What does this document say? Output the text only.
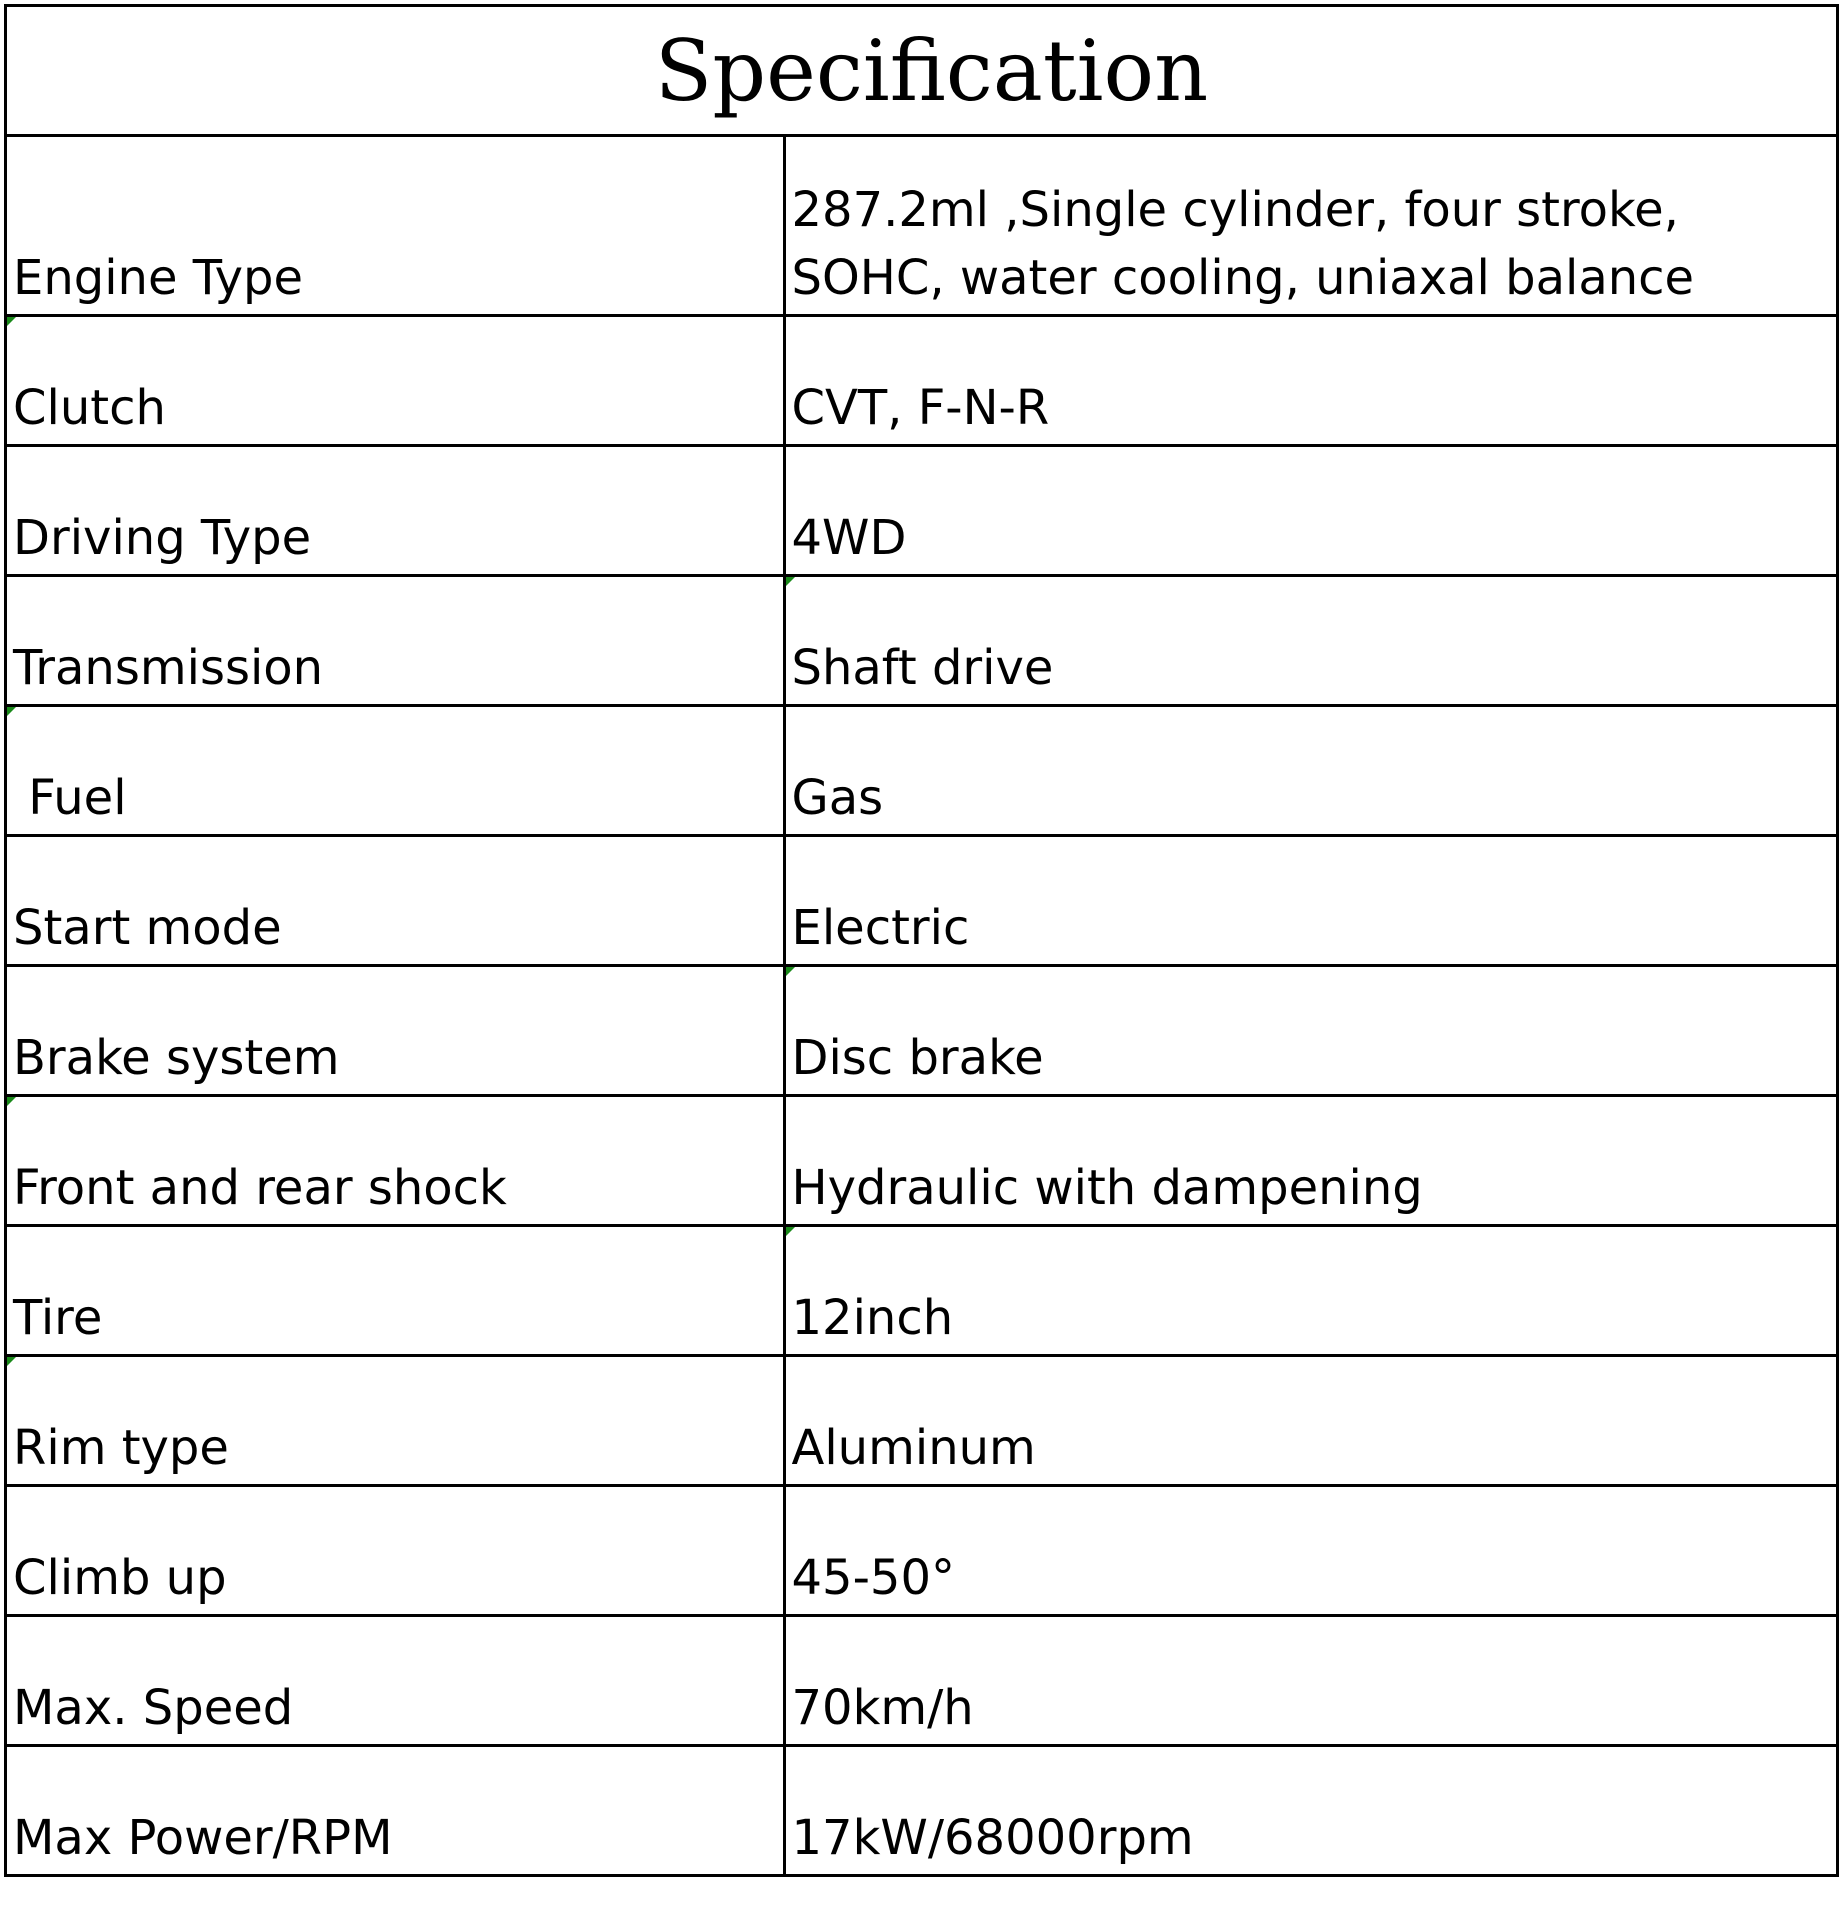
Specification
Engine Type	287.2ml ,Single cylinder, four stroke, SOHC, water cooling, uniaxal balance

Clutch	CVT, F-N-R
Driving Type	4WD
Transmission	Shaft drive

Fuel	Gas
Start mode	Electric
Brake system	Disc brake

Front and rear shock	Hydraulic with dampening
Tire	12inch

Rim type	Aluminum
Climb up	45-50°
Max. Speed	70km/h
Max Power/RPM	17kW/68000rpm
